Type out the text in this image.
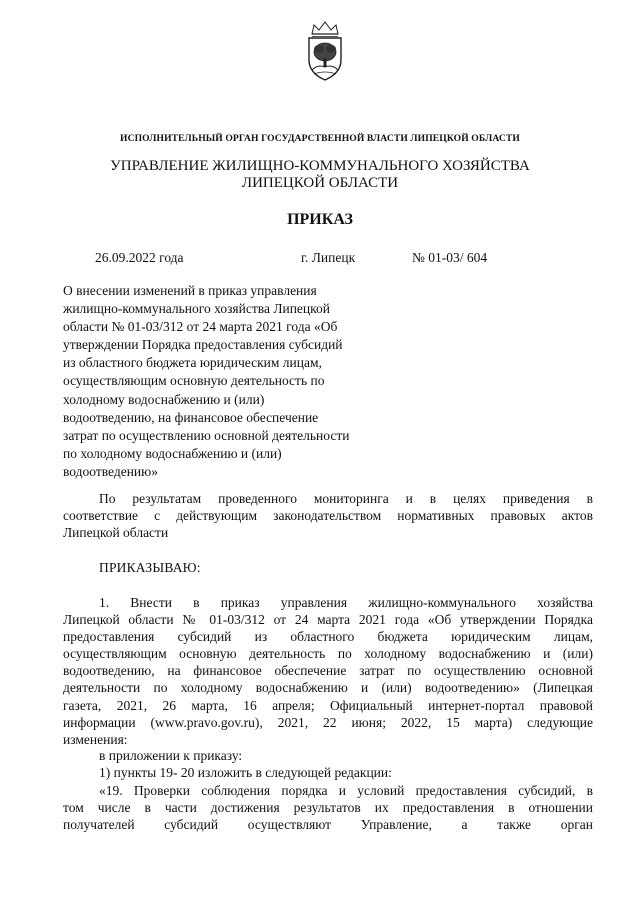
ИСПОЛНИТЕЛЬНЫЙ ОРГАН ГОСУДАРСТВЕННОЙ ВЛАСТИ ЛИПЕЦКОЙ ОБЛАСТИ
УПРАВЛЕНИЕ ЖИЛИЩНО-КОММУНАЛЬНОГО ХОЗЯЙСТВА
ЛИПЕЦКОЙ ОБЛАСТИ
ПРИКАЗ
26.09.2022 года	г. Липецк	№ 01-03/ 604
О внесении изменений в приказ управления
жилищно-коммунального хозяйства Липецкой
области № 01-03/312 от 24 марта 2021 года «Об
утверждении Порядка предоставления субсидий
из областного бюджета юридическим лицам,
осуществляющим основную деятельность по
холодному водоснабжению и (или)
водоотведению, на финансовое обеспечение
затрат по осуществлению основной деятельности
по холодному водоснабжению и (или)
водоотведению»
По результатам проведенного мониторинга и в целях приведения в
соответствие с действующим законодательством нормативных правовых актов
Липецкой области
ПРИКАЗЫВАЮ:
1. Внести в приказ управления жилищно-коммунального хозяйства
Липецкой области № 01-03/312 от 24 марта 2021 года «Об утверждении Порядка
предоставления субсидий из областного бюджета юридическим лицам,
осуществляющим основную деятельность по холодному водоснабжению и (или)
водоотведению, на финансовое обеспечение затрат по осуществлению основной
деятельности по холодному водоснабжению и (или) водоотведению» (Липецкая
газета, 2021, 26 марта, 16 апреля; Официальный интернет-портал правовой
информации (www.pravo.gov.ru), 2021, 22 июня; 2022, 15 марта) следующие
изменения:
в приложении к приказу:
1) пункты 19- 20 изложить в следующей редакции:
«19. Проверки соблюдения порядка и условий предоставления субсидий, в
том числе в части достижения результатов их предоставления в отношении
получателей субсидий осуществляют Управление, а также орган
